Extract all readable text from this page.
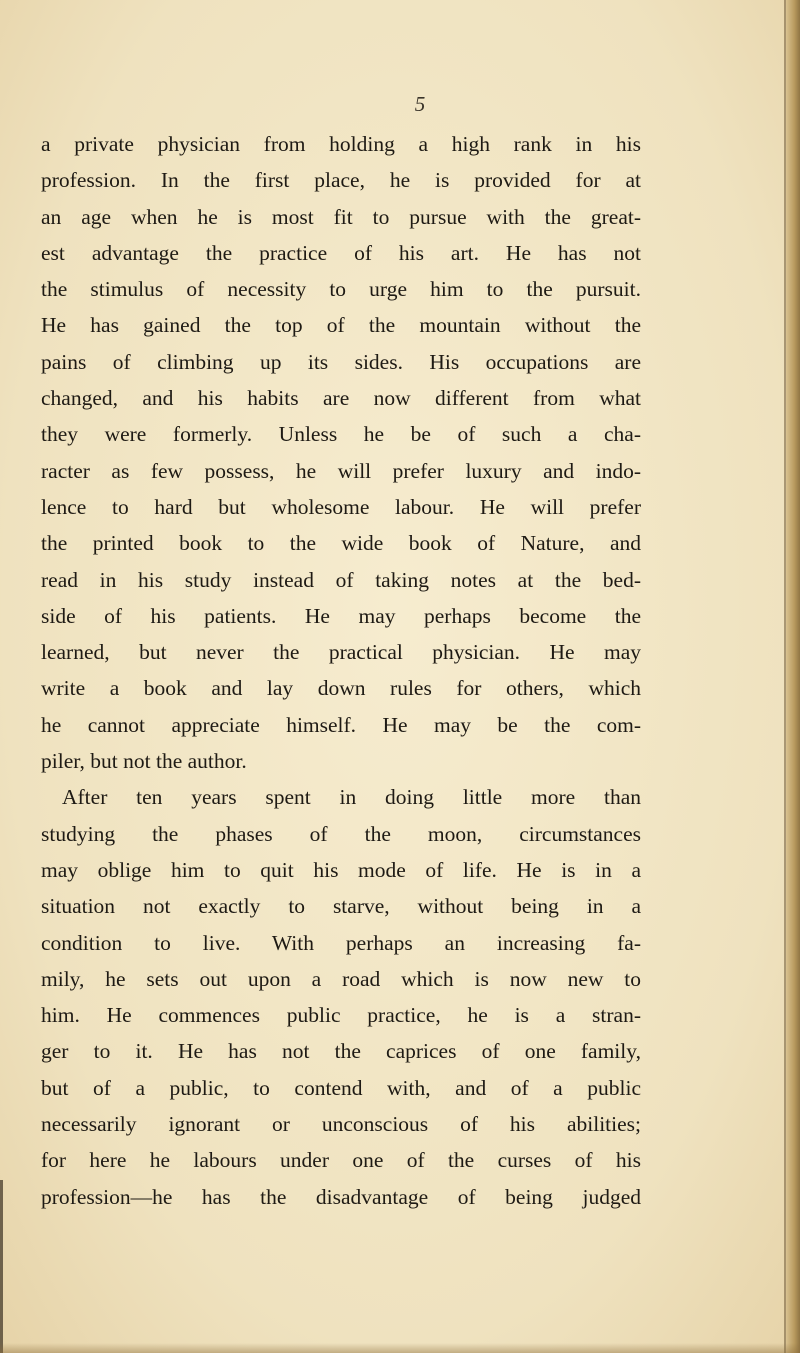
5
a private physician from holding a high rank in his
profession. In the first place, he is provided for at
an age when he is most fit to pursue with the great-
est advantage the practice of his art. He has not
the stimulus of necessity to urge him to the pursuit.
He has gained the top of the mountain without the
pains of climbing up its sides. His occupations are
changed, and his habits are now different from what
they were formerly. Unless he be of such a cha-
racter as few possess, he will prefer luxury and indo-
lence to hard but wholesome labour. He will prefer
the printed book to the wide book of Nature, and
read in his study instead of taking notes at the bed-
side of his patients. He may perhaps become the
learned, but never the practical physician. He may
write a book and lay down rules for others, which
he cannot appreciate himself. He may be the com-
piler, but not the author.
After ten years spent in doing little more than
studying the phases of the moon, circumstances
may oblige him to quit his mode of life. He is in a
situation not exactly to starve, without being in a
condition to live. With perhaps an increasing fa-
mily, he sets out upon a road which is now new to
him. He commences public practice, he is a stran-
ger to it. He has not the caprices of one family,
but of a public, to contend with, and of a public
necessarily ignorant or unconscious of his abilities;
for here he labours under one of the curses of his
profession—he has the disadvantage of being judged
